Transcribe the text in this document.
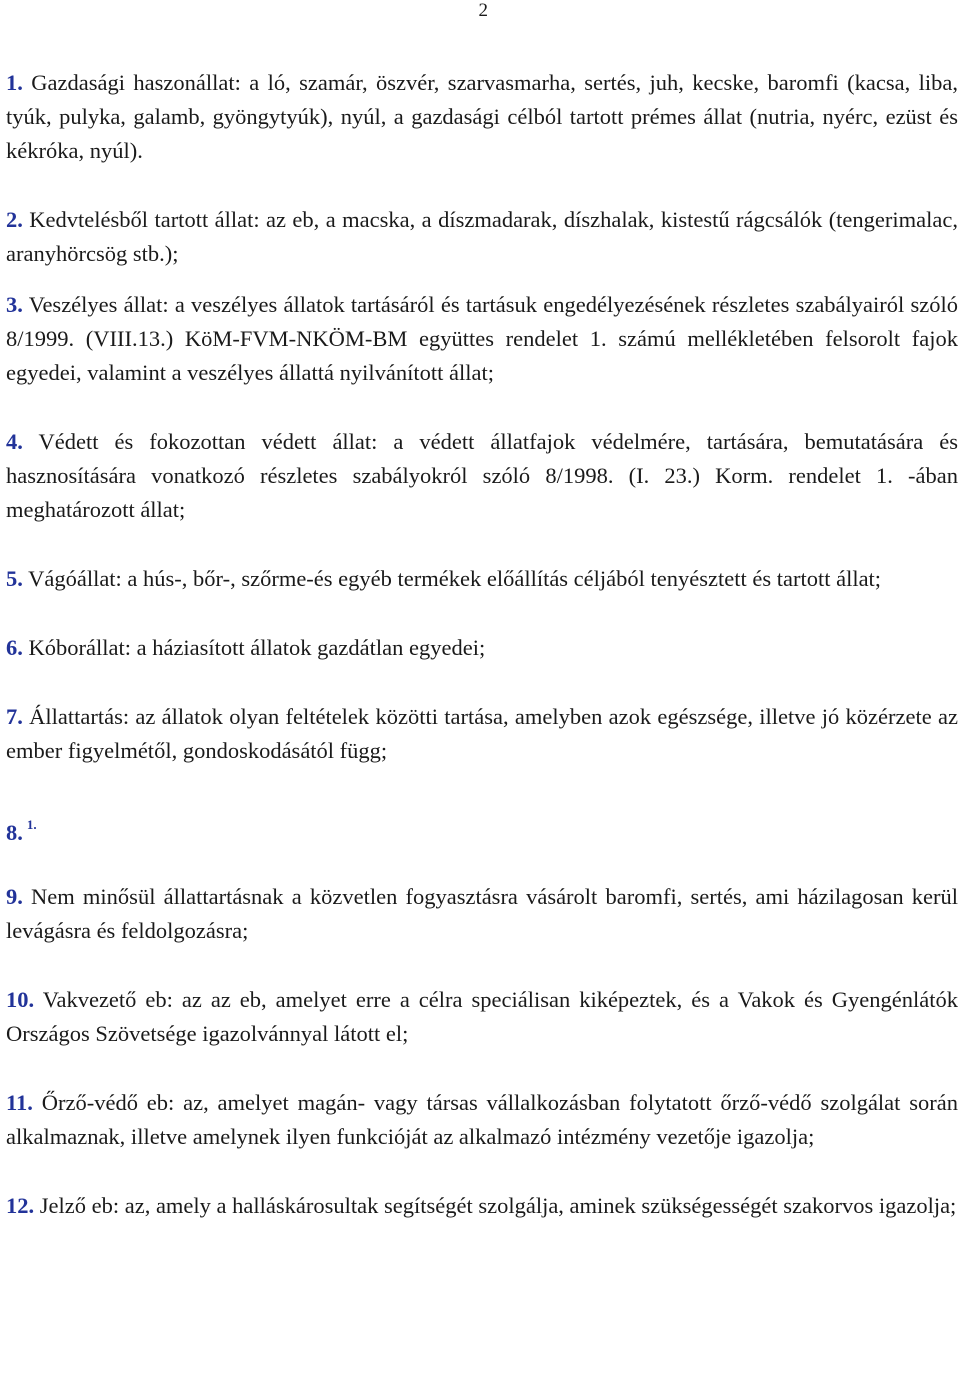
2

1. Gazdasági haszonállat: a ló, szamár, öszvér, szarvasmarha, sertés, juh, kecske, baromfi (kacsa, liba, tyúk, pulyka, galamb, gyöngytyúk), nyúl, a gazdasági célból tartott prémes állat (nutria, nyérc, ezüst és kékróka, nyúl).

2. Kedvtelésből tartott állat: az eb, a macska, a díszmadarak, díszhalak, kistestű rágcsálók (tengerimalac, aranyhörcsög stb.);

3. Veszélyes állat: a veszélyes állatok tartásáról és tartásuk engedélyezésének részletes szabályairól szóló 8/1999. (VIII.13.) KöM-FVM-NKÖM-BM együttes rendelet 1. számú mellékletében felsorolt fajok egyedei, valamint a veszélyes állattá nyilvánított állat;

4. Védett és fokozottan védett állat: a védett állatfajok védelmére, tartására, bemutatására és hasznosítására vonatkozó részletes szabályokról szóló 8/1998. (I. 23.) Korm. rendelet 1. -ában meghatározott állat;

5. Vágóállat: a hús-, bőr-, szőrme-és egyéb termékek előállítás céljából tenyésztett és tartott állat;

6. Kóborállat: a háziasított állatok gazdátlan egyedei;

7. Állattartás: az állatok olyan feltételek közötti tartása, amelyben azok egészsége, illetve jó közérzete az ember figyelmétől, gondoskodásától függ;

8. $^{1.}$

9. Nem minősül állattartásnak a közvetlen fogyasztásra vásárolt baromfi, sertés, ami házilagosan kerül levágásra és feldolgozásra;

10. Vakvezető eb: az az eb, amelyet erre a célra speciálisan kiképeztek, és a Vakok és Gyengénlátók Országos Szövetsége igazolvánnyal látott el;

11. Őrző-védő eb: az, amelyet magán- vagy társas vállalkozásban folytatott őrző-védő szolgálat során alkalmaznak, illetve amelynek ilyen funkcióját az alkalmazó intézmény vezetője igazolja;

12. Jelző eb: az, amely a halláskárosultak segítségét szolgálja, aminek szükségességét szakorvos igazolja;
